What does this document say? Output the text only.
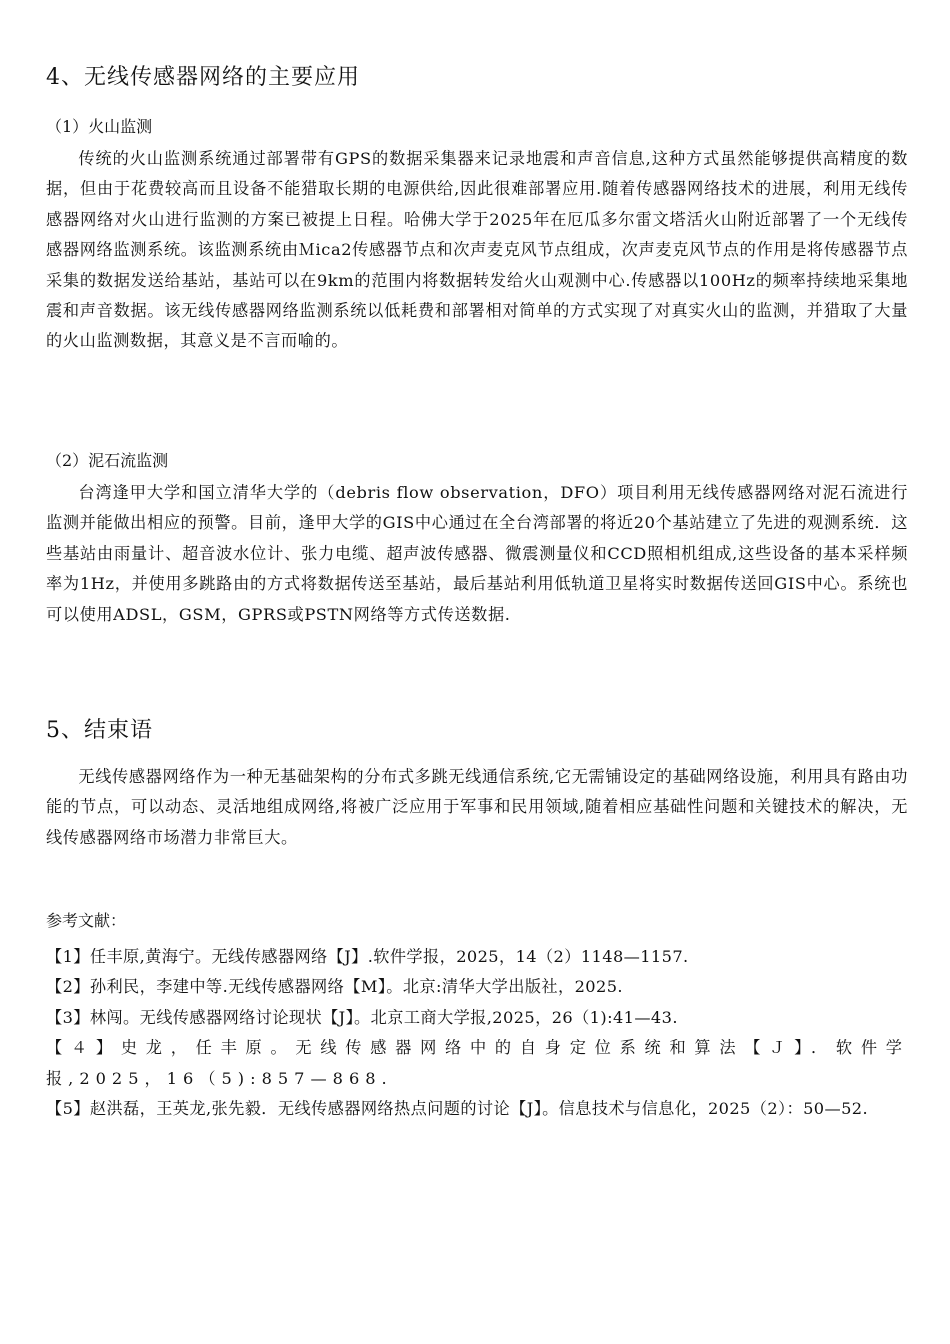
4、无线传感器网络的主要应用
（1）火山监测

传统的火山监测系统通过部署带有GPS的数据采集器来记录地震和声音信息,这种方式虽然能够提供高精度的数据，但由于花费较高而且设备不能猎取长期的电源供给,因此很难部署应用.随着传感器网络技术的进展，利用无线传感器网络对火山进行监测的方案已被提上日程。哈佛大学于2025年在厄瓜多尔雷文塔活火山附近部署了一个无线传感器网络监测系统。该监测系统由Ｍica2传感器节点和次声麦克风节点组成，次声麦克风节点的作用是将传感器节点采集的数据发送给基站，基站可以在9km的范围内将数据转发给火山观测中心.传感器以100Hz的频率持续地采集地震和声音数据。该无线传感器网络监测系统以低耗费和部署相对简单的方式实现了对真实火山的监测，并猎取了大量的火山监测数据，其意义是不言而喻的。

（2）泥石流监测

台湾逢甲大学和国立清华大学的（debris flow observation，DFO）项目利用无线传感器网络对泥石流进行监测并能做出相应的预警。目前，逢甲大学的GIS中心通过在全台湾部署的将近20个基站建立了先进的观测系统．这些基站由雨量计、超音波水位计、张力电缆、超声波传感器、微震测量仪和CCD照相机组成,这些设备的基本采样频率为1Hz，并使用多跳路由的方式将数据传送至基站，最后基站利用低轨道卫星将实时数据传送回GIS中心。系统也可以使用ADSL，GSM，GPRS或PSTN网络等方式传送数据.

5、结束语

无线传感器网络作为一种无基础架构的分布式多跳无线通信系统,它无需铺设定的基础网络设施，利用具有路由功能的节点，可以动态、灵活地组成网络,将被广泛应用于军事和民用领域,随着相应基础性问题和关键技术的解决，无线传感器网络市场潜力非常巨大。

参考文献：

【1】任丰原,黄海宁。无线传感器网络【J】.软件学报，2025，14（2）1148—1157.

【2】孙利民，李建中等.无线传感器网络【M】。北京:清华大学出版社，2025.

【3】林闯。无线传感器网络讨论现状【J】。北京工商大学报,2025，26（1):41—43.

【４】史龙，任丰原。无线传感器网络中的自身定位系统和算法【Ｊ】．软件学报,2025，16（5):857—868.

【5】赵洪磊，王英龙,张先毅．无线传感器网络热点问题的讨论【J】。信息技术与信息化，2025（2）：50—52.
